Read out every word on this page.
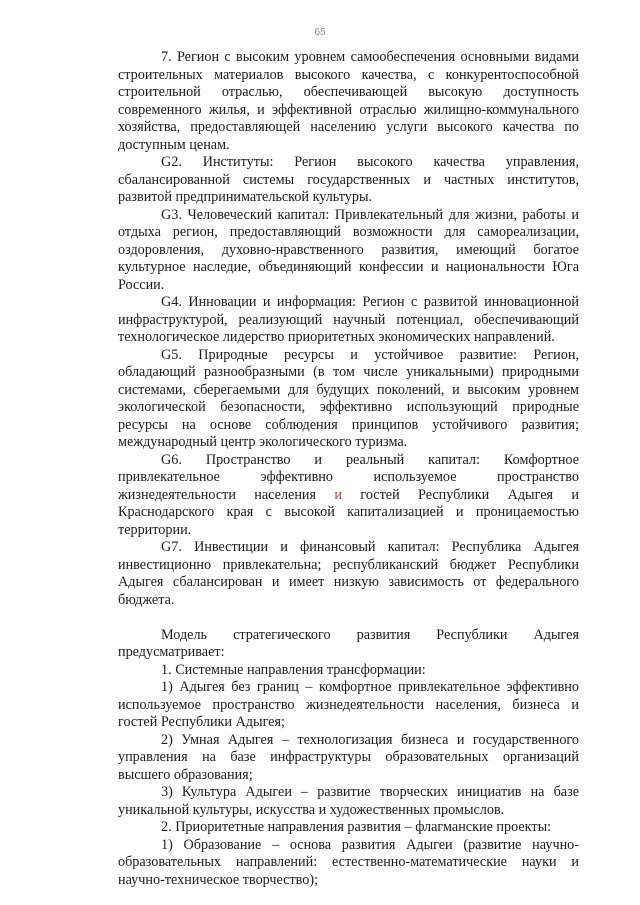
65

7. Регион с высоким уровнем самообеспечения основными видами строительных материалов высокого качества, с конкурентоспособной строительной отраслью, обеспечивающей высокую доступность современного жилья, и эффективной отраслью жилищно-коммунального хозяйства, предоставляющей населению услуги высокого качества по доступным ценам.

G2. Институты: Регион высокого качества управления, сбалансированной системы государственных и частных институтов, развитой предпринимательской культуры.

G3. Человеческий капитал: Привлекательный для жизни, работы и отдыха регион, предоставляющий возможности для самореализации, оздоровления, духовно-нравственного развития, имеющий богатое культурное наследие, объединяющий конфессии и национальности Юга России.

G4. Инновации и информация: Регион с развитой инновационной инфраструктурой, реализующий научный потенциал, обеспечивающий технологическое лидерство приоритетных экономических направлений.

G5. Природные ресурсы и устойчивое развитие: Регион, обладающий разнообразными (в том числе уникальными) природными системами, сберегаемыми для будущих поколений, и высоким уровнем экологической безопасности, эффективно использующий природные ресурсы на основе соблюдения принципов устойчивого развития; международный центр экологического туризма.

G6. Пространство и реальный капитал: Комфортное привлекательное эффективно используемое пространство жизнедеятельности населения и гостей Республики Адыгея и Краснодарского края с высокой капитализацией и проницаемостью территории.

G7. Инвестиции и финансовый капитал: Республика Адыгея инвестиционно привлекательна; республиканский бюджет Республики Адыгея сбалансирован и имеет низкую зависимость от федерального бюджета.

Модель стратегического развития Республики Адыгея предусматривает:

1. Системные направления трансформации:

1) Адыгея без границ – комфортное привлекательное эффективно используемое пространство жизнедеятельности населения, бизнеса и гостей Республики Адыгея;

2) Умная Адыгея – технологизация бизнеса и государственного управления на базе инфраструктуры образовательных организаций высшего образования;

3) Культура Адыгеи – развитие творческих инициатив на базе уникальной культуры, искусства и художественных промыслов.

2. Приоритетные направления развития – флагманские проекты:

1) Образование – основа развития Адыгеи (развитие научно-образовательных направлений: естественно-математические науки и научно-техническое творчество);
